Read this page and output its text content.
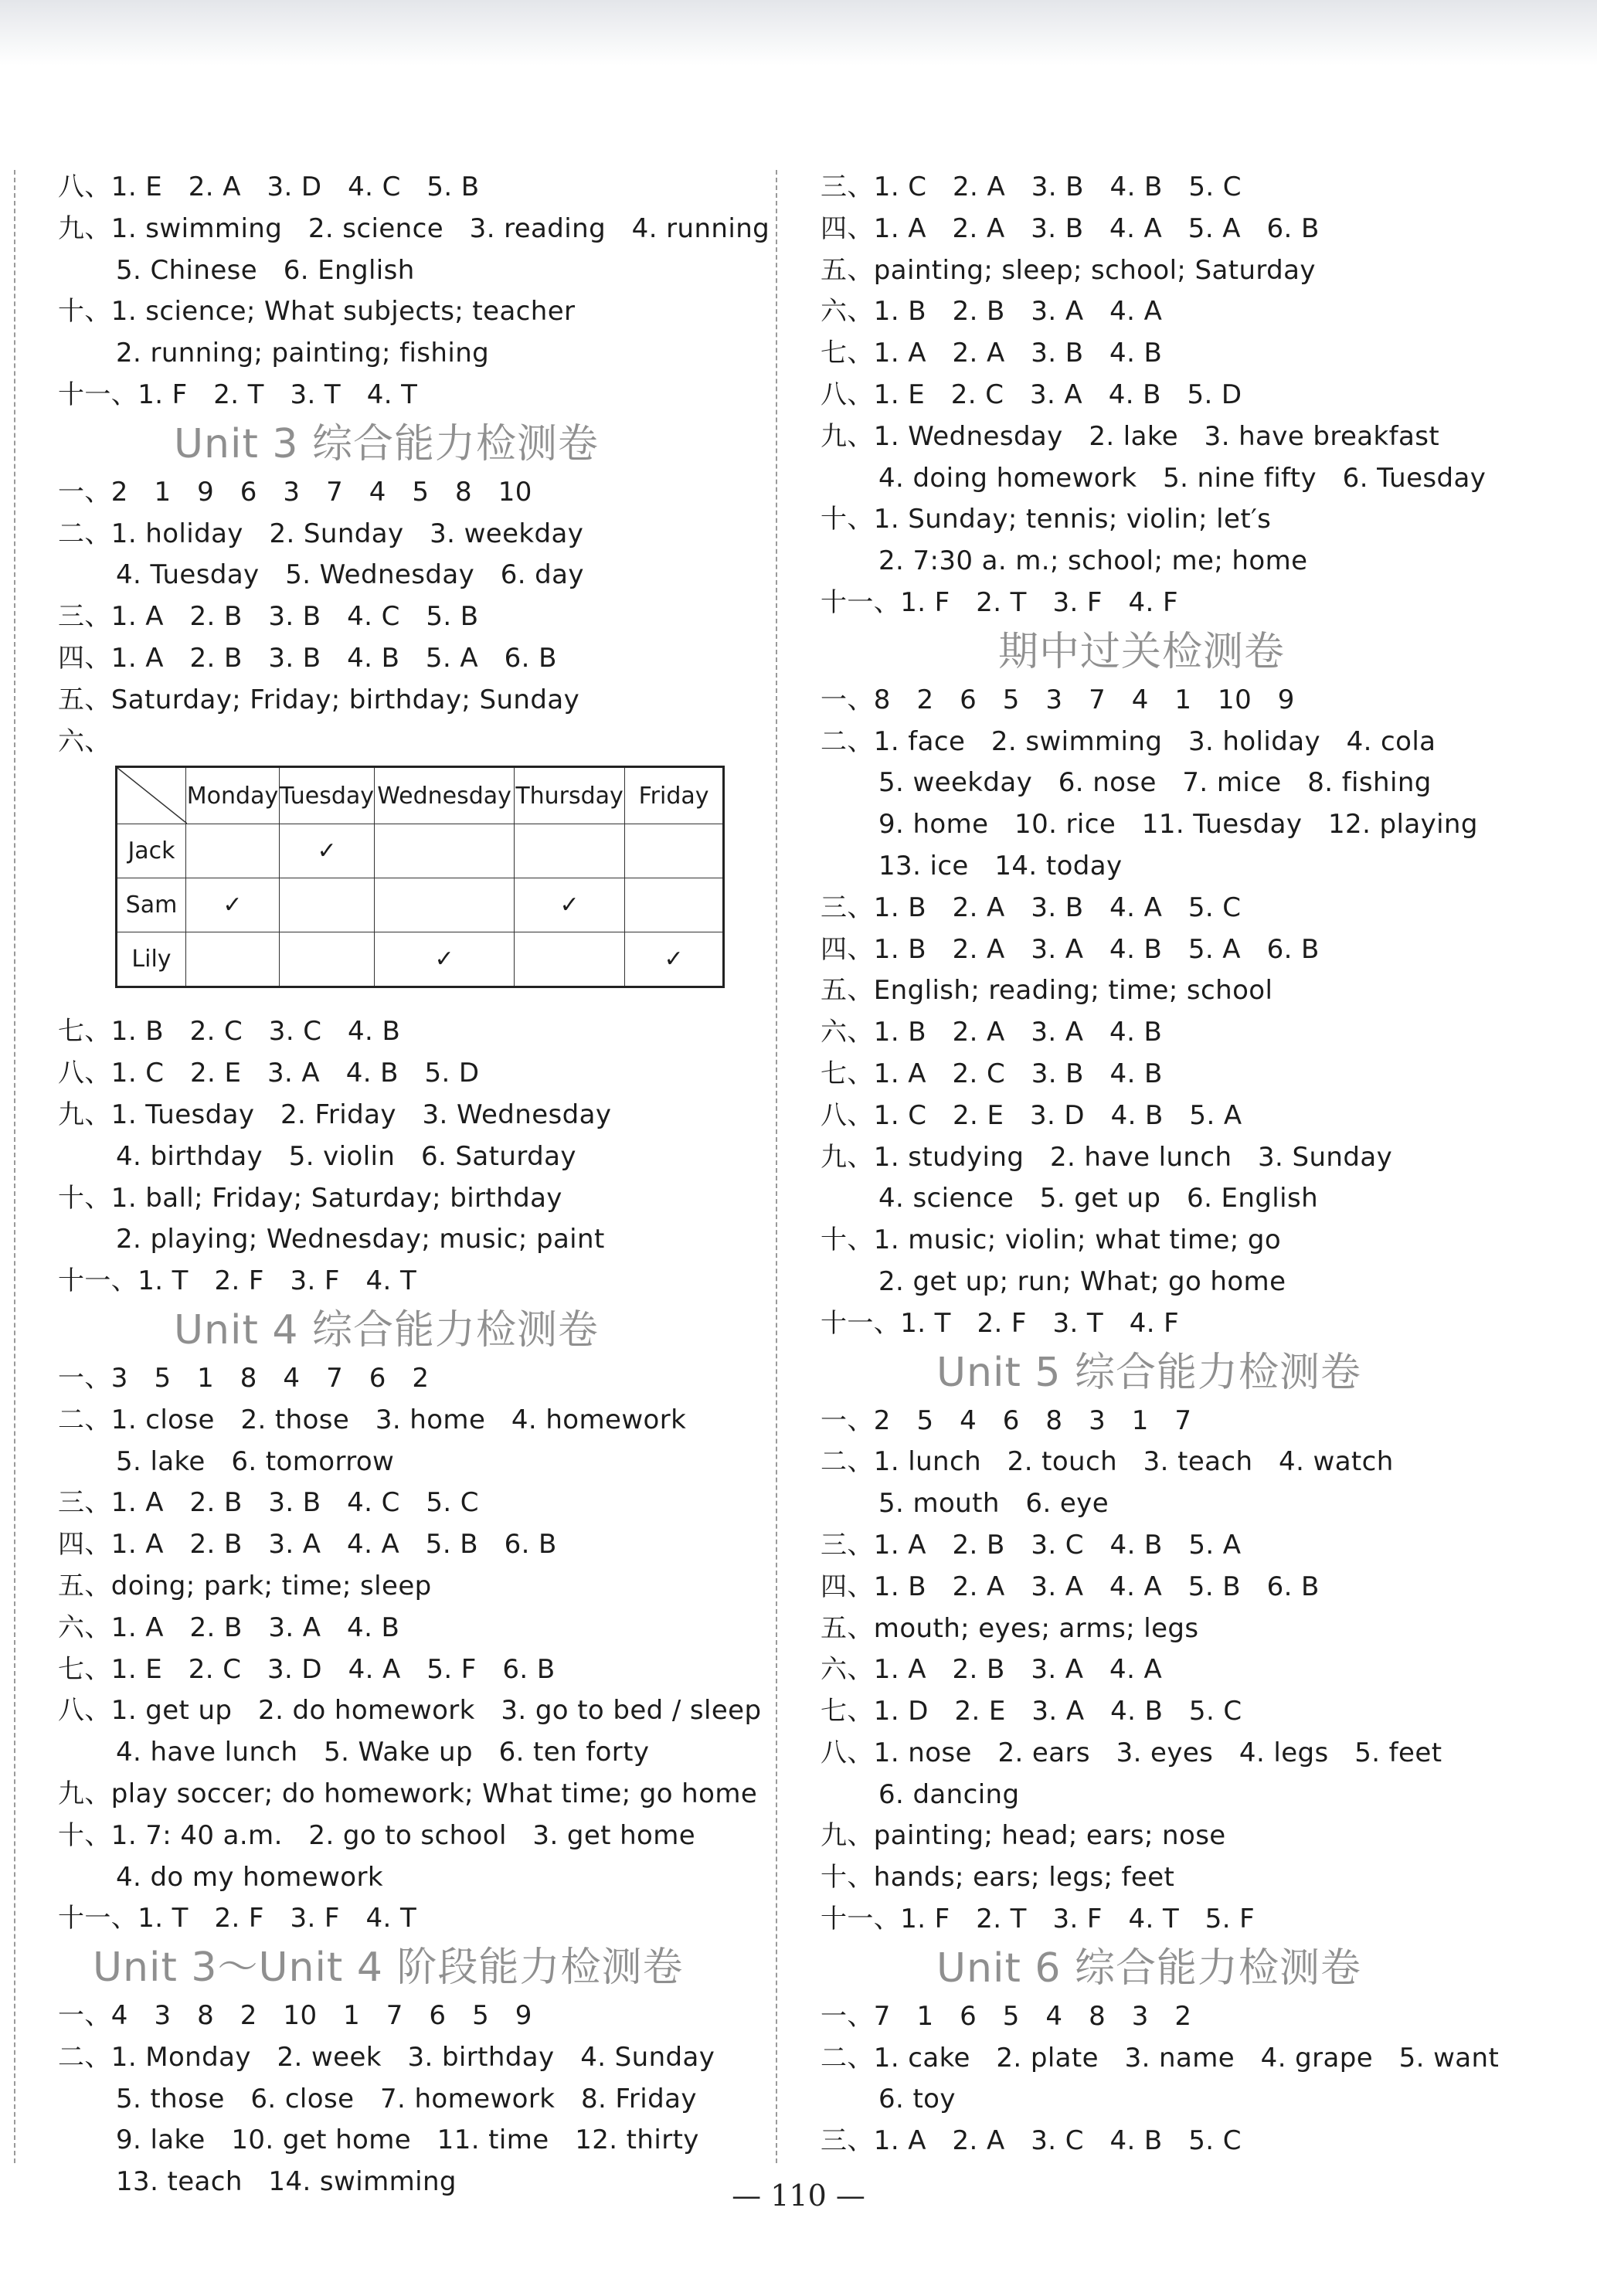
八、1. E   2. A   3. D   4. C   5. B
九、1. swimming   2. science   3. reading   4. running
5. Chinese   6. English
十、1. science; What subjects; teacher
2. running; painting; fishing
十一、1. F   2. T   3. T   4. T
Unit 3 综合能力检测卷
一、2   1   9   6   3   7   4   5   8   10
二、1. holiday   2. Sunday   3. weekday
4. Tuesday   5. Wednesday   6. day
三、1. A   2. B   3. B   4. C   5. B
四、1. A   2. B   3. B   4. B   5. A   6. B
五、Saturday; Friday; birthday; Sunday
六、
	Monday	Tuesday	Wednesday	Thursday	Friday
Jack		✓			
Sam	✓			✓	
Lily			✓		✓
七、1. B   2. C   3. C   4. B
八、1. C   2. E   3. A   4. B   5. D
九、1. Tuesday   2. Friday   3. Wednesday
4. birthday   5. violin   6. Saturday
十、1. ball; Friday; Saturday; birthday
2. playing; Wednesday; music; paint
十一、1. T   2. F   3. F   4. T
Unit 4 综合能力检测卷
一、3   5   1   8   4   7   6   2
二、1. close   2. those   3. home   4. homework
5. lake   6. tomorrow
三、1. A   2. B   3. B   4. C   5. C
四、1. A   2. B   3. A   4. A   5. B   6. B
五、doing; park; time; sleep
六、1. A   2. B   3. A   4. B
七、1. E   2. C   3. D   4. A   5. F   6. B
八、1. get up   2. do homework   3. go to bed / sleep
4. have lunch   5. Wake up   6. ten forty
九、play soccer; do homework; What time; go home
十、1. 7: 40 a.m.   2. go to school   3. get home
4. do my homework
十一、1. T   2. F   3. F   4. T
Unit 3～Unit 4 阶段能力检测卷
一、4   3   8   2   10   1   7   6   5   9
二、1. Monday   2. week   3. birthday   4. Sunday
5. those   6. close   7. homework   8. Friday
9. lake   10. get home   11. time   12. thirty
13. teach   14. swimming
三、1. C   2. A   3. B   4. B   5. C
四、1. A   2. A   3. B   4. A   5. A   6. B
五、painting; sleep; school; Saturday
六、1. B   2. B   3. A   4. A
七、1. A   2. A   3. B   4. B
八、1. E   2. C   3. A   4. B   5. D
九、1. Wednesday   2. lake   3. have breakfast
4. doing homework   5. nine fifty   6. Tuesday
十、1. Sunday; tennis; violin; let′s
2. 7:30 a. m.; school; me; home
十一、1. F   2. T   3. F   4. F
期中过关检测卷
一、8   2   6   5   3   7   4   1   10   9
二、1. face   2. swimming   3. holiday   4. cola
5. weekday   6. nose   7. mice   8. fishing
9. home   10. rice   11. Tuesday   12. playing
13. ice   14. today
三、1. B   2. A   3. B   4. A   5. C
四、1. B   2. A   3. A   4. B   5. A   6. B
五、English; reading; time; school
六、1. B   2. A   3. A   4. B
七、1. A   2. C   3. B   4. B
八、1. C   2. E   3. D   4. B   5. A
九、1. studying   2. have lunch   3. Sunday
4. science   5. get up   6. English
十、1. music; violin; what time; go
2. get up; run; What; go home
十一、1. T   2. F   3. T   4. F
Unit 5 综合能力检测卷
一、2   5   4   6   8   3   1   7
二、1. lunch   2. touch   3. teach   4. watch
5. mouth   6. eye
三、1. A   2. B   3. C   4. B   5. A
四、1. B   2. A   3. A   4. A   5. B   6. B
五、mouth; eyes; arms; legs
六、1. A   2. B   3. A   4. A
七、1. D   2. E   3. A   4. B   5. C
八、1. nose   2. ears   3. eyes   4. legs   5. feet
6. dancing
九、painting; head; ears; nose
十、hands; ears; legs; feet
十一、1. F   2. T   3. F   4. T   5. F
Unit 6 综合能力检测卷
一、7   1   6   5   4   8   3   2
二、1. cake   2. plate   3. name   4. grape   5. want
6. toy
三、1. A   2. A   3. C   4. B   5. C
— 110 —
